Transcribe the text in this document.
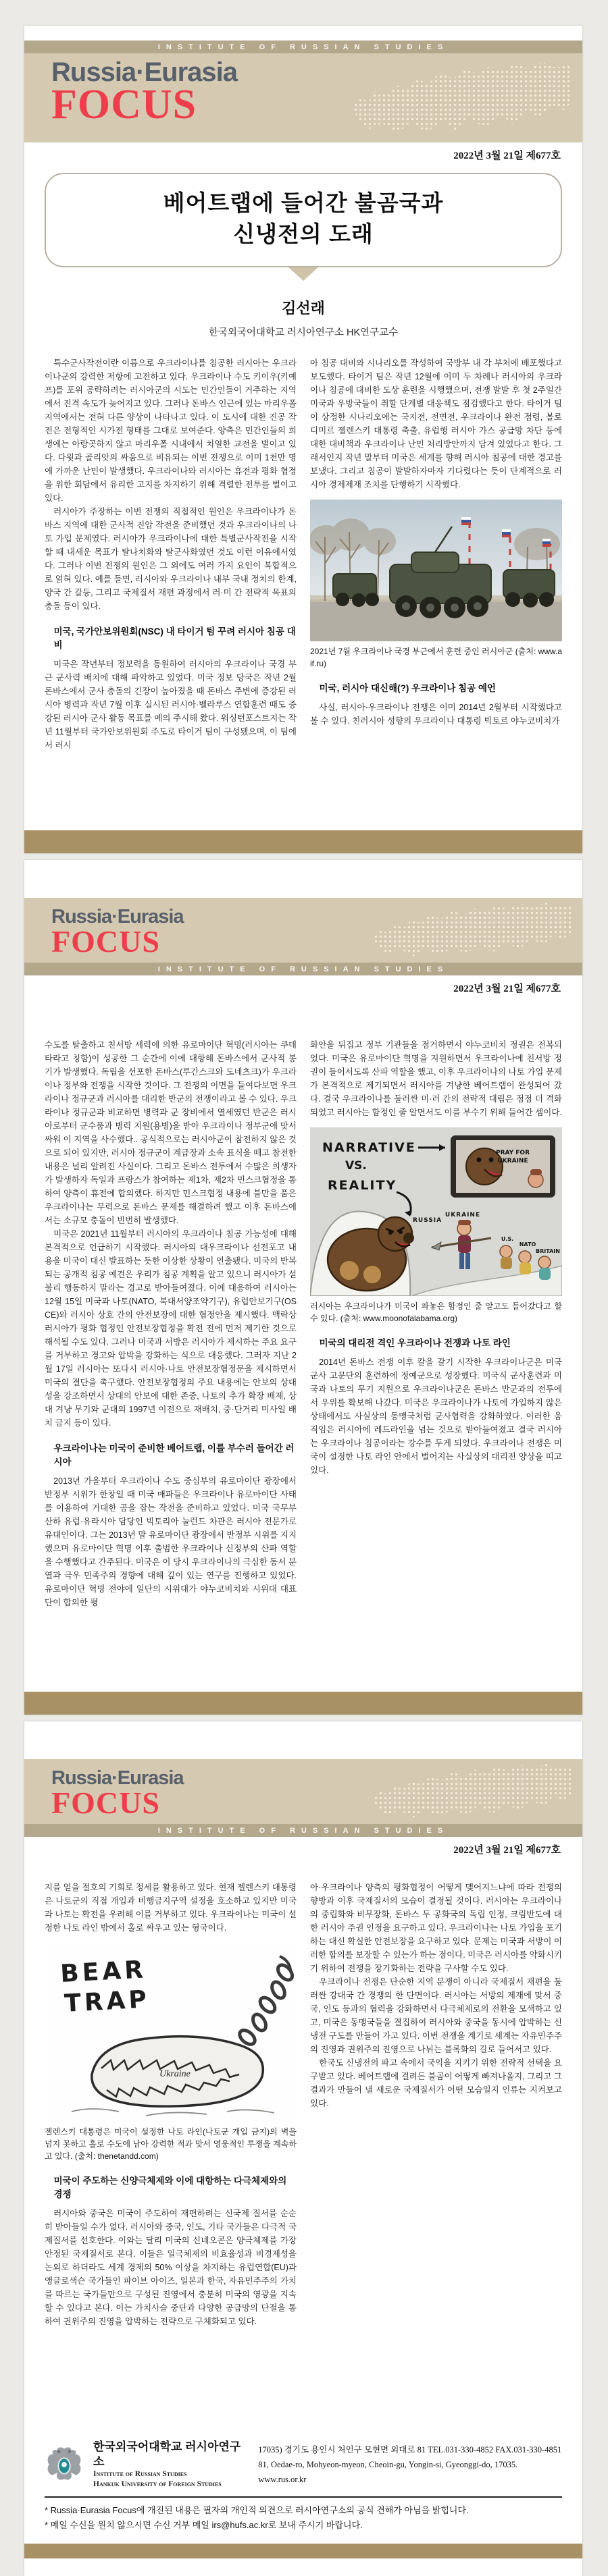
INSTITUTE OF RUSSIAN STUDIES
Russia·Eurasia
FOCUS
2022년 3월 21일 제677호
베어트랩에 들어간 불곰국과
신냉전의 도래
김선래
한국외국어대학교 러시아연구소 HK연구교수

특수군사작전이란 이름으로 우크라이나를 침공한 러시아는 우크라이나군의 강력한 저항에 고전하고 있다. 우크라이나 수도 키이우(키예프)를 포위 공략하려는 러시아군의 시도는 민간인들이 거주하는 지역에서 진격 속도가 늦어지고 있다. 그러나 돈바스 인근에 있는 마리우폴 지역에서는 전혀 다른 양상이 나타나고 있다. 이 도시에 대한 진공 작전은 전형적인 시가전 형태를 그대로 보여준다. 양측은 민간인들의 희생에는 아랑곳하지 않고 마리우폴 시내에서 치열한 교전을 벌이고 있다. 다윗과 골리앗의 싸움으로 비유되는 이번 전쟁으로 이미 1천만 명에 가까운 난민이 발생했다. 우크라이나와 러시아는 휴전과 평화 협정을 위한 회담에서 유리한 고지를 차지하기 위해 격렬한 전투를 벌이고 있다.

러시아가 주장하는 이번 전쟁의 직접적인 원인은 우크라이나가 돈바스 지역에 대한 군사적 진압 작전을 준비했던 것과 우크라이나의 나토 가입 문제였다. 러시아가 우크라이나에 대한 특별군사작전을 시작할 때 내세운 목표가 탈나치화와 탈군사화였던 것도 이런 이유에서였다. 그러나 이번 전쟁의 원인은 그 외에도 여러 가지 요인이 복합적으로 얽혀 있다. 예를 들면, 러시아와 우크라이나 내부 국내 정치의 한계, 양국 간 갈등, 그리고 국제질서 재편 과정에서 러·미 간 전략적 목표의 충돌 등이 있다.

미국, 국가안보위원회(NSC) 내 타이거 팀 꾸려 러시아 침공 대비

미국은 작년부터 정보력을 동원하여 러시아의 우크라이나 국경 부근 군사력 배치에 대해 파악하고 있었다. 미국 정보 당국은 작년 2월 돈바스에서 군사 충돌의 긴장이 높아졌을 때 돈바스 주변에 증강된 러시아 병력과 작년 7월 이후 실시된 러시아·벨라루스 연합훈련 때도 증강된 러시아 군사 활동 목표를 예의 주시해 왔다. 워싱턴포스트지는 작년 11월부터 국가안보위원회 주도로 타이거 팀이 구성됐으며, 이 팀에서 러시

아 침공 대비와 시나리오를 작성하여 국방부 내 각 부처에 배포했다고 보도했다. 타이거 팀은 작년 12월에 이미 두 차례나 러시아의 우크라이나 침공에 대비한 도상 훈련을 시행했으며, 전쟁 발발 후 첫 2주일간 미국과 우방국들이 취할 단계별 대응책도 점검했다고 한다. 타이거 팀이 상정한 시나리오에는 국지전, 전면전, 우크라이나 완전 점령, 볼로디미르 젤렌스키 대통령 축출, 유럽행 러시아 가스 공급망 차단 등에 대한 대비책과 우크라이나 난민 처리방안까지 담겨 있었다고 한다. 그래서인지 작년 말부터 미국은 세계를 향해 러시아 침공에 대한 경고를 보냈다. 그리고 침공이 발발하자마자 기다렸다는 듯이 단계적으로 러시아 경제제재 조치를 단행하기 시작했다.

2021년 7월 우크라이나 국경 부근에서 훈련 중인 러시아군 (출처: www.aif.ru)

미국, 러시아 대신해(?) 우크라이나 침공 예언

사실, 러시아-우크라이나 전쟁은 이미 2014년 2월부터 시작했다고 볼 수 있다. 친러시아 성향의 우크라이나 대통령 빅토르 야누코비치가

Russia·Eurasia
FOCUS
INSTITUTE OF RUSSIAN STUDIES
2022년 3월 21일 제677호

수도를 탈출하고 친서방 세력에 의한 유로마이단 혁명(러시아는 쿠데타라고 칭함)이 성공한 그 순간에 이에 대항해 돈바스에서 군사적 봉기가 발생했다. 독립을 선포한 돈바스(루간스크와 도네츠크)가 우크라이나 정부와 전쟁을 시작한 것이다. 그 전쟁의 이면을 들여다보면 우크라이나 정규군과 러시아를 대리한 반군의 전쟁이라고 볼 수 있다. 우크라이나 정규군과 비교하면 병력과 군 장비에서 열세였던 반군은 러시아로부터 군수품과 병력 지원(용병)을 받아 우크라이나 정부군에 맞서 싸워 이 지역을 사수했다.. 공식적으로는 러시아군이 참전하지 않은 것으로 되어 있지만, 러시아 정규군이 계급장과 소속 표식을 떼고 참전한 내용은 널리 알려진 사실이다. 그리고 돈바스 전투에서 수많은 희생자가 발생하자 독일과 프랑스가 참여하는 제1차, 제2차 민스크협정을 통하여 양측이 휴전에 합의했다. 하지만 민스크협정 내용에 불만을 품은 우크라이나는 무력으로 돈바스 문제를 해결하려 했고 이후 돈바스에서는 소규모 충돌이 빈번히 발생했다.

미국은 2021년 11월부터 러시아의 우크라이나 침공 가능성에 대해 본격적으로 언급하기 시작했다. 러시아의 대우크라이나 선전포고 내용을 미국이 대신 발표하는 듯한 이상한 상황이 연출됐다. 미국의 반복되는 공개적 침공 예견은 우리가 침공 계획을 알고 있으니 러시아가 섣불리 행동하지 말라는 경고로 받아들여졌다. 이에 대응하여 러시아는 12월 15일 미국과 나토(NATO, 북대서양조약기구), 유럽안보기구(OSCE)와 러시아 상호 간의 안전보장에 대한 협정안을 제시했다. 맥락상 러시아가 평화 협정인 안전보장협정을 확전 전에 먼저 제기한 것으로 해석될 수도 있다. 그러나 미국과 서방은 러시아가 제시하는 주요 요구를 거부하고 경고와 압박을 강화하는 식으로 대응했다. 그러자 지난 2월 17일 러시아는 또다시 러시아·나토 안전보장협정문을 제시하면서 미국의 결단을 촉구했다. 안전보장협정의 주요 내용에는 안보의 상대성을 강조하면서 상대의 안보에 대한 존중, 나토의 추가 확장 배제, 상대 겨냥 무기와 군대의 1997년 이전으로 재배치, 중·단거리 미사일 배치 금지 등이 있다.

우크라이나는 미국이 준비한 베어트랩, 이를 부수러 들어간 러시아

2013년 가을부터 우크라이나 수도 중심부의 유로마이단 광장에서 반정부 시위가 한창일 때 미국 매파들은 우크라이나 유로마이단 사태를 이용하여 거대한 곰을 잡는 작전을 준비하고 있었다. 미국 국무부 산하 유럽·유라시아 담당인 빅토리아 눌런드 차관은 러시아 전문가로 유대인이다. 그는 2013년 말 유로마이단 광장에서 반정부 시위를 지지했으며 유로마이단 혁명 이후 출범한 우크라이나 신정부의 산파 역할을 수행했다고 간주된다. 미국은 이 당시 우크라이나의 극심한 동서 분열과 극우 민족주의 경향에 대해 깊이 있는 연구를 진행하고 있었다. 유로마이단 혁명 전야에 일단의 시위대가 야누코비치와 시위대 대표단이 합의한 평

화안을 뒤집고 정부 기관들을 점거하면서 야누코비치 정권은 전복되었다. 미국은 유로마이단 혁명을 지원하면서 우크라이나에 친서방 정권이 들어서도록 산파 역할을 했고, 이후 우크라이나의 나토 가입 문제가 본격적으로 제기되면서 러시아를 겨냥한 베어트랩이 완성되어 갔다. 결국 우크라이나를 둘러싼 미·러 간의 전략적 대립은 점점 더 격화되었고 러시아는 함정인 줄 알면서도 이를 부수기 위해 들어간 셈이다.

NARRATIVE
VS.
REALITY
PRAY FOR
UKRAINE
RUSSIA
UKRAINE
U.S.
NATO
BRITAIN

러시아는 우크라이나가 미국이 파놓은 함정인 줄 알고도 들어갔다고 할 수 있다. (출처: www.moonofalabama.org)

미국의 대리전 격인 우크라이나 전쟁과 나토 라인

2014년 돈바스 전쟁 이후 칼을 갈기 시작한 우크라이나군은 미국 군사 고문단의 훈련하에 정예군으로 성장했다. 미국식 군사훈련과 미국과 나토의 무기 지원으로 우크라이나군은 돈바스 반군과의 전투에서 우위를 확보해 나갔다. 미국은 우크라이나가 나토에 가입하지 않은 상태에서도 사실상의 동맹국처럼 군사협력을 강화하였다. 이러한 움직임은 러시아에 레드라인을 넘는 것으로 받아들여졌고 결국 러시아는 우크라이나 침공이라는 강수를 두게 되었다. 우크라이나 전쟁은 미국이 설정한 나토 라인 안에서 벌어지는 사실상의 대리전 양상을 띠고 있다.

Russia·Eurasia
FOCUS
INSTITUTE OF RUSSIAN STUDIES
2022년 3월 21일 제677호

지를 얻을 절호의 기회로 정세를 활용하고 있다. 현재 젤렌스키 대통령은 나토군의 직접 개입과 비행금지구역 설정을 호소하고 있지만 미국과 나토는 확전을 우려해 이를 거부하고 있다. 우크라이나는 미국이 설정한 나토 라인 밖에서 홀로 싸우고 있는 형국이다.

BEAR
TRAP
Ukraine

젤렌스키 대통령은 미국이 설정한 나토 라인(나토군 개입 금지)의 벽을 넘지 못하고 홀로 수도에 남아 강력한 적과 맞서 영웅적인 투쟁을 계속하고 있다. (출처: thenetandd.com)

미국이 주도하는 신양극체제와 이에 대항하는 다극체제와의 경쟁

러시아와 중국은 미국이 주도하여 재편하려는 신국제 질서를 순순히 받아들일 수가 없다. 러시아와 중국, 인도, 기타 국가들은 다극적 국제질서를 선호한다. 이와는 달리 미국의 신네오콘은 양극체제를 가장 안정된 국제질서로 본다. 이들은 일극체제의 비효율성과 비경제성을 논외로 하더라도 세계 경제의 50% 이상을 차지하는 유럽연합(EU)과 앵글로색슨 국가들인 파이브 아이즈, 일본과 한국, 자유민주주의 가치를 따르는 국가들만으로 구성된 진영에서 충분히 미국의 영광을 지속할 수 있다고 본다. 이는 가치사슬 중단과 다양한 공급망의 단절을 통하여 권위주의 진영을 압박하는 전략으로 구체화되고 있다.

아·우크라이나 양측의 평화협정이 어떻게 맺어지느냐에 따라 전쟁의 향방과 이후 국제질서의 모습이 결정될 것이다. 러시아는 우크라이나의 중립화와 비무장화, 돈바스 두 공화국의 독립 인정, 크림반도에 대한 러시아 주권 인정을 요구하고 있다. 우크라이나는 나토 가입을 포기하는 대신 확실한 안전보장을 요구하고 있다. 문제는 미국과 서방이 이러한 합의를 보장할 수 있는가 하는 점이다. 미국은 러시아를 약화시키기 위하여 전쟁을 장기화하는 전략을 구사할 수도 있다.

우크라이나 전쟁은 단순한 지역 분쟁이 아니라 국제질서 재편을 둘러싼 강대국 간 경쟁의 한 단면이다. 러시아는 서방의 제재에 맞서 중국, 인도 등과의 협력을 강화하면서 다극체제로의 전환을 모색하고 있고, 미국은 동맹국들을 결집하여 러시아와 중국을 동시에 압박하는 신냉전 구도를 만들어 가고 있다. 이번 전쟁을 계기로 세계는 자유민주주의 진영과 권위주의 진영으로 나뉘는 블록화의 길로 들어서고 있다.

한국도 신냉전의 파고 속에서 국익을 지키기 위한 전략적 선택을 요구받고 있다. 베어트랩에 걸려든 불곰이 어떻게 빠져나올지, 그리고 그 결과가 만들어 낼 새로운 국제질서가 어떤 모습일지 인류는 지켜보고 있다.

한국외국어대학교 러시아연구소
Institute of Russian Studies
Hankuk University of Foreign Studies
17035) 경기도 용인시 처인구 모현면 외대로 81 TEL.031-330-4852 FAX.031-330-4851
81, Oedae-ro, Mohyeon-myeon, Cheoin-gu, Yongin-si, Gyeonggi-do, 17035. www.rus.or.kr
* Russia·Eurasia Focus에 개진된 내용은 필자의 개인적 의견으로 러시아연구소의 공식 견해가 아님을 밝힙니다.
* 메일 수신을 원치 않으시면 수신 거부 메일 irs@hufs.ac.kr로 보내 주시기 바랍니다.
